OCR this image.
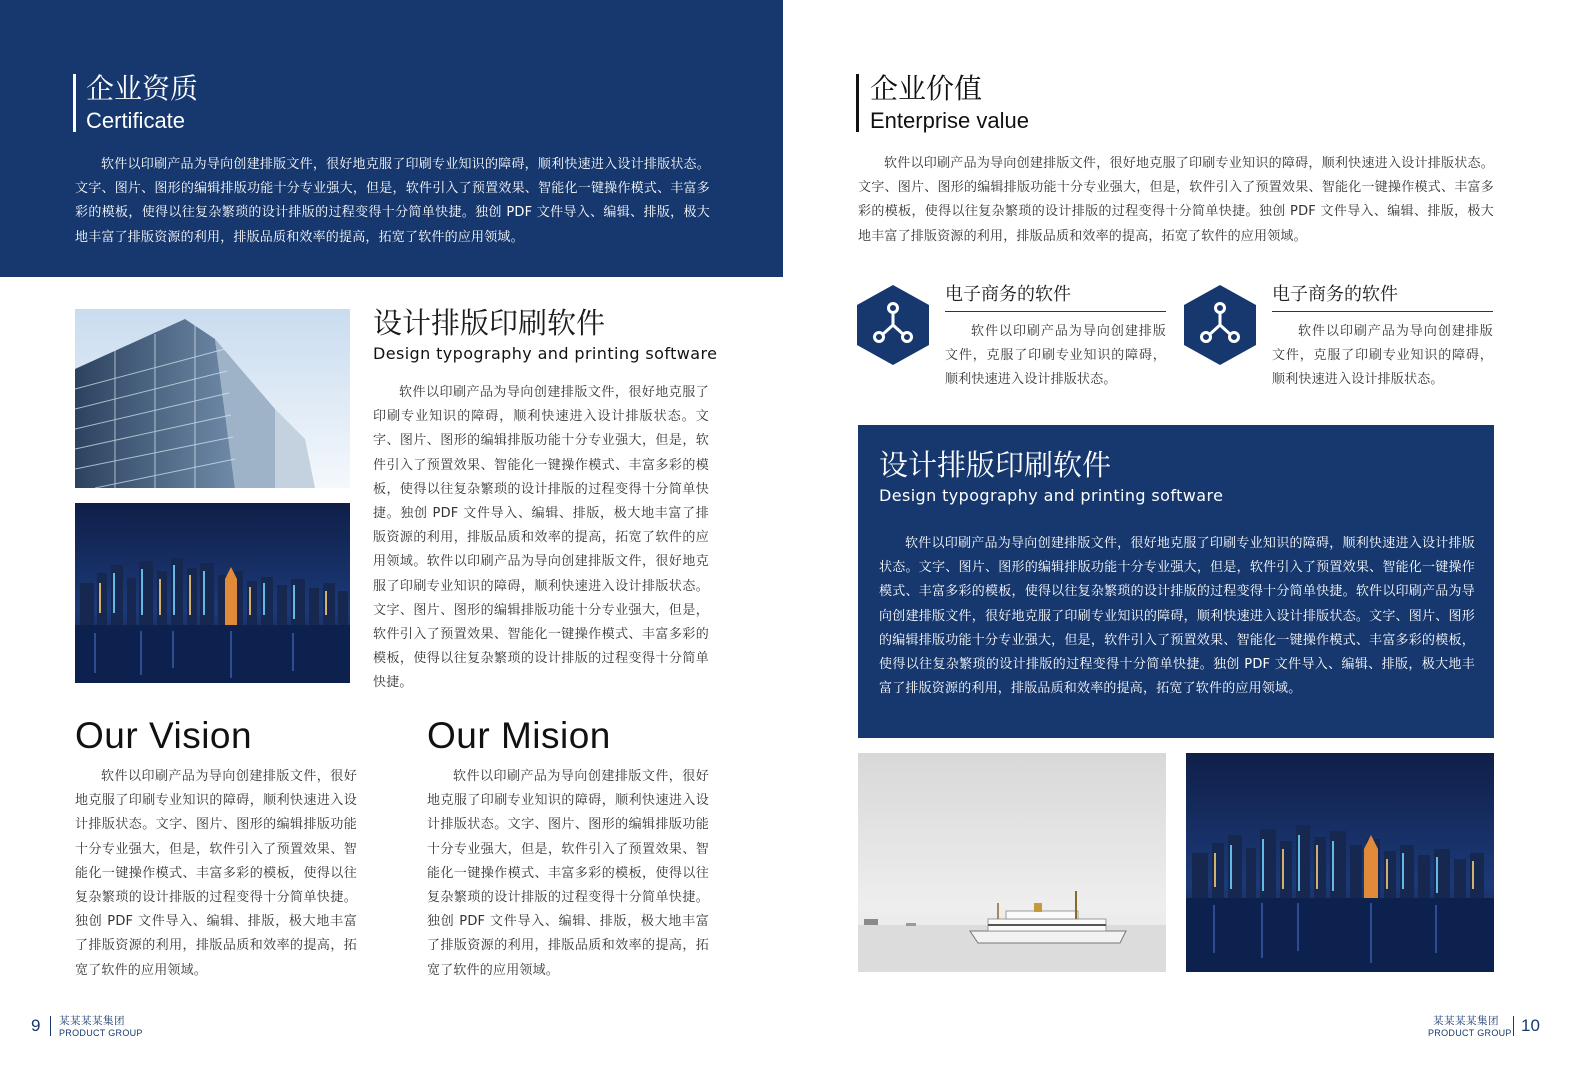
企业资质
Certificate
软件以印刷产品为导向创建排版文件，很好地克服了印刷专业知识的障碍，顺利快速进入设计排版状态。文字、图片、图形的编辑排版功能十分专业强大，但是，软件引入了预置效果、智能化一键操作模式、丰富多彩的模板，使得以往复杂繁琐的设计排版的过程变得十分简单快捷。独创 PDF 文件导入、编辑、排版，极大地丰富了排版资源的利用，排版品质和效率的提高，拓宽了软件的应用领域。
设计排版印刷软件
Design typography and printing software
软件以印刷产品为导向创建排版文件，很好地克服了印刷专业知识的障碍，顺利快速进入设计排版状态。文字、图片、图形的编辑排版功能十分专业强大，但是，软件引入了预置效果、智能化一键操作模式、丰富多彩的模板，使得以往复杂繁琐的设计排版的过程变得十分简单快捷。独创 PDF 文件导入、编辑、排版，极大地丰富了排版资源的利用，排版品质和效率的提高，拓宽了软件的应用领域。软件以印刷产品为导向创建排版文件，很好地克服了印刷专业知识的障碍，顺利快速进入设计排版状态。文字、图片、图形的编辑排版功能十分专业强大，但是，软件引入了预置效果、智能化一键操作模式、丰富多彩的模板，使得以往复杂繁琐的设计排版的过程变得十分简单快捷。
Our Vision
软件以印刷产品为导向创建排版文件，很好地克服了印刷专业知识的障碍，顺利快速进入设计排版状态。文字、图片、图形的编辑排版功能十分专业强大，但是，软件引入了预置效果、智能化一键操作模式、丰富多彩的模板，使得以往复杂繁琐的设计排版的过程变得十分简单快捷。独创 PDF 文件导入、编辑、排版，极大地丰富了排版资源的利用，排版品质和效率的提高，拓宽了软件的应用领域。
Our Mision
软件以印刷产品为导向创建排版文件，很好地克服了印刷专业知识的障碍，顺利快速进入设计排版状态。文字、图片、图形的编辑排版功能十分专业强大，但是，软件引入了预置效果、智能化一键操作模式、丰富多彩的模板，使得以往复杂繁琐的设计排版的过程变得十分简单快捷。独创 PDF 文件导入、编辑、排版，极大地丰富了排版资源的利用，排版品质和效率的提高，拓宽了软件的应用领域。
9 某某某某集团
PRODUCT GROUP
企业价值
Enterprise value
软件以印刷产品为导向创建排版文件，很好地克服了印刷专业知识的障碍，顺利快速进入设计排版状态。文字、图片、图形的编辑排版功能十分专业强大，但是，软件引入了预置效果、智能化一键操作模式、丰富多彩的模板，使得以往复杂繁琐的设计排版的过程变得十分简单快捷。独创 PDF 文件导入、编辑、排版，极大地丰富了排版资源的利用，排版品质和效率的提高，拓宽了软件的应用领域。
电子商务的软件
软件以印刷产品为导向创建排版文件，克服了印刷专业知识的障碍，顺利快速进入设计排版状态。
电子商务的软件
软件以印刷产品为导向创建排版文件，克服了印刷专业知识的障碍，顺利快速进入设计排版状态。
设计排版印刷软件
Design typography and printing software
软件以印刷产品为导向创建排版文件，很好地克服了印刷专业知识的障碍，顺利快速进入设计排版状态。文字、图片、图形的编辑排版功能十分专业强大，但是，软件引入了预置效果、智能化一键操作模式、丰富多彩的模板，使得以往复杂繁琐的设计排版的过程变得十分简单快捷。软件以印刷产品为导向创建排版文件，很好地克服了印刷专业知识的障碍，顺利快速进入设计排版状态。文字、图片、图形的编辑排版功能十分专业强大，但是，软件引入了预置效果、智能化一键操作模式、丰富多彩的模板，使得以往复杂繁琐的设计排版的过程变得十分简单快捷。独创 PDF 文件导入、编辑、排版，极大地丰富了排版资源的利用，排版品质和效率的提高，拓宽了软件的应用领域。
某某某某集团
PRODUCT GROUP 10
